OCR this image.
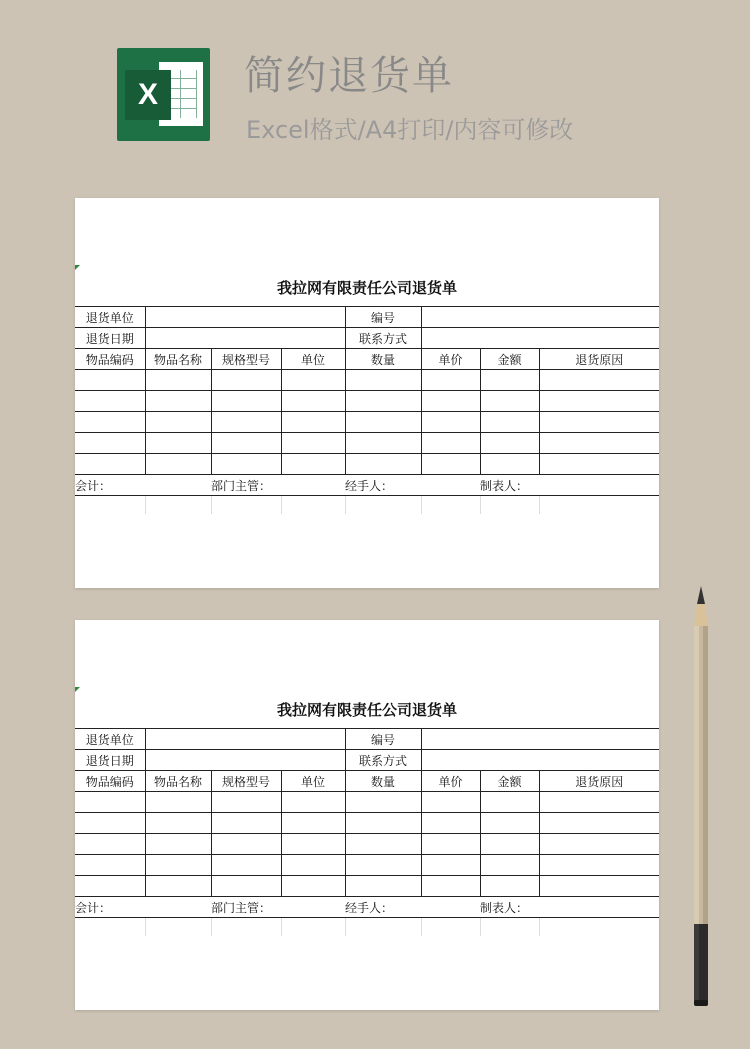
X	简约退货单
Excel格式/A4打印/内容可修改
我拉网有限责任公司退货单
退货单位				编号			
退货日期				联系方式			
物品编码	物品名称	规格型号	单位	数量	单价	金额	退货原因

会计：		部门主管：		经手人：		制表人：	

我拉网有限责任公司退货单
退货单位				编号			
退货日期				联系方式			
物品编码	物品名称	规格型号	单位	数量	单价	金额	退货原因

会计：		部门主管：		经手人：		制表人：	
